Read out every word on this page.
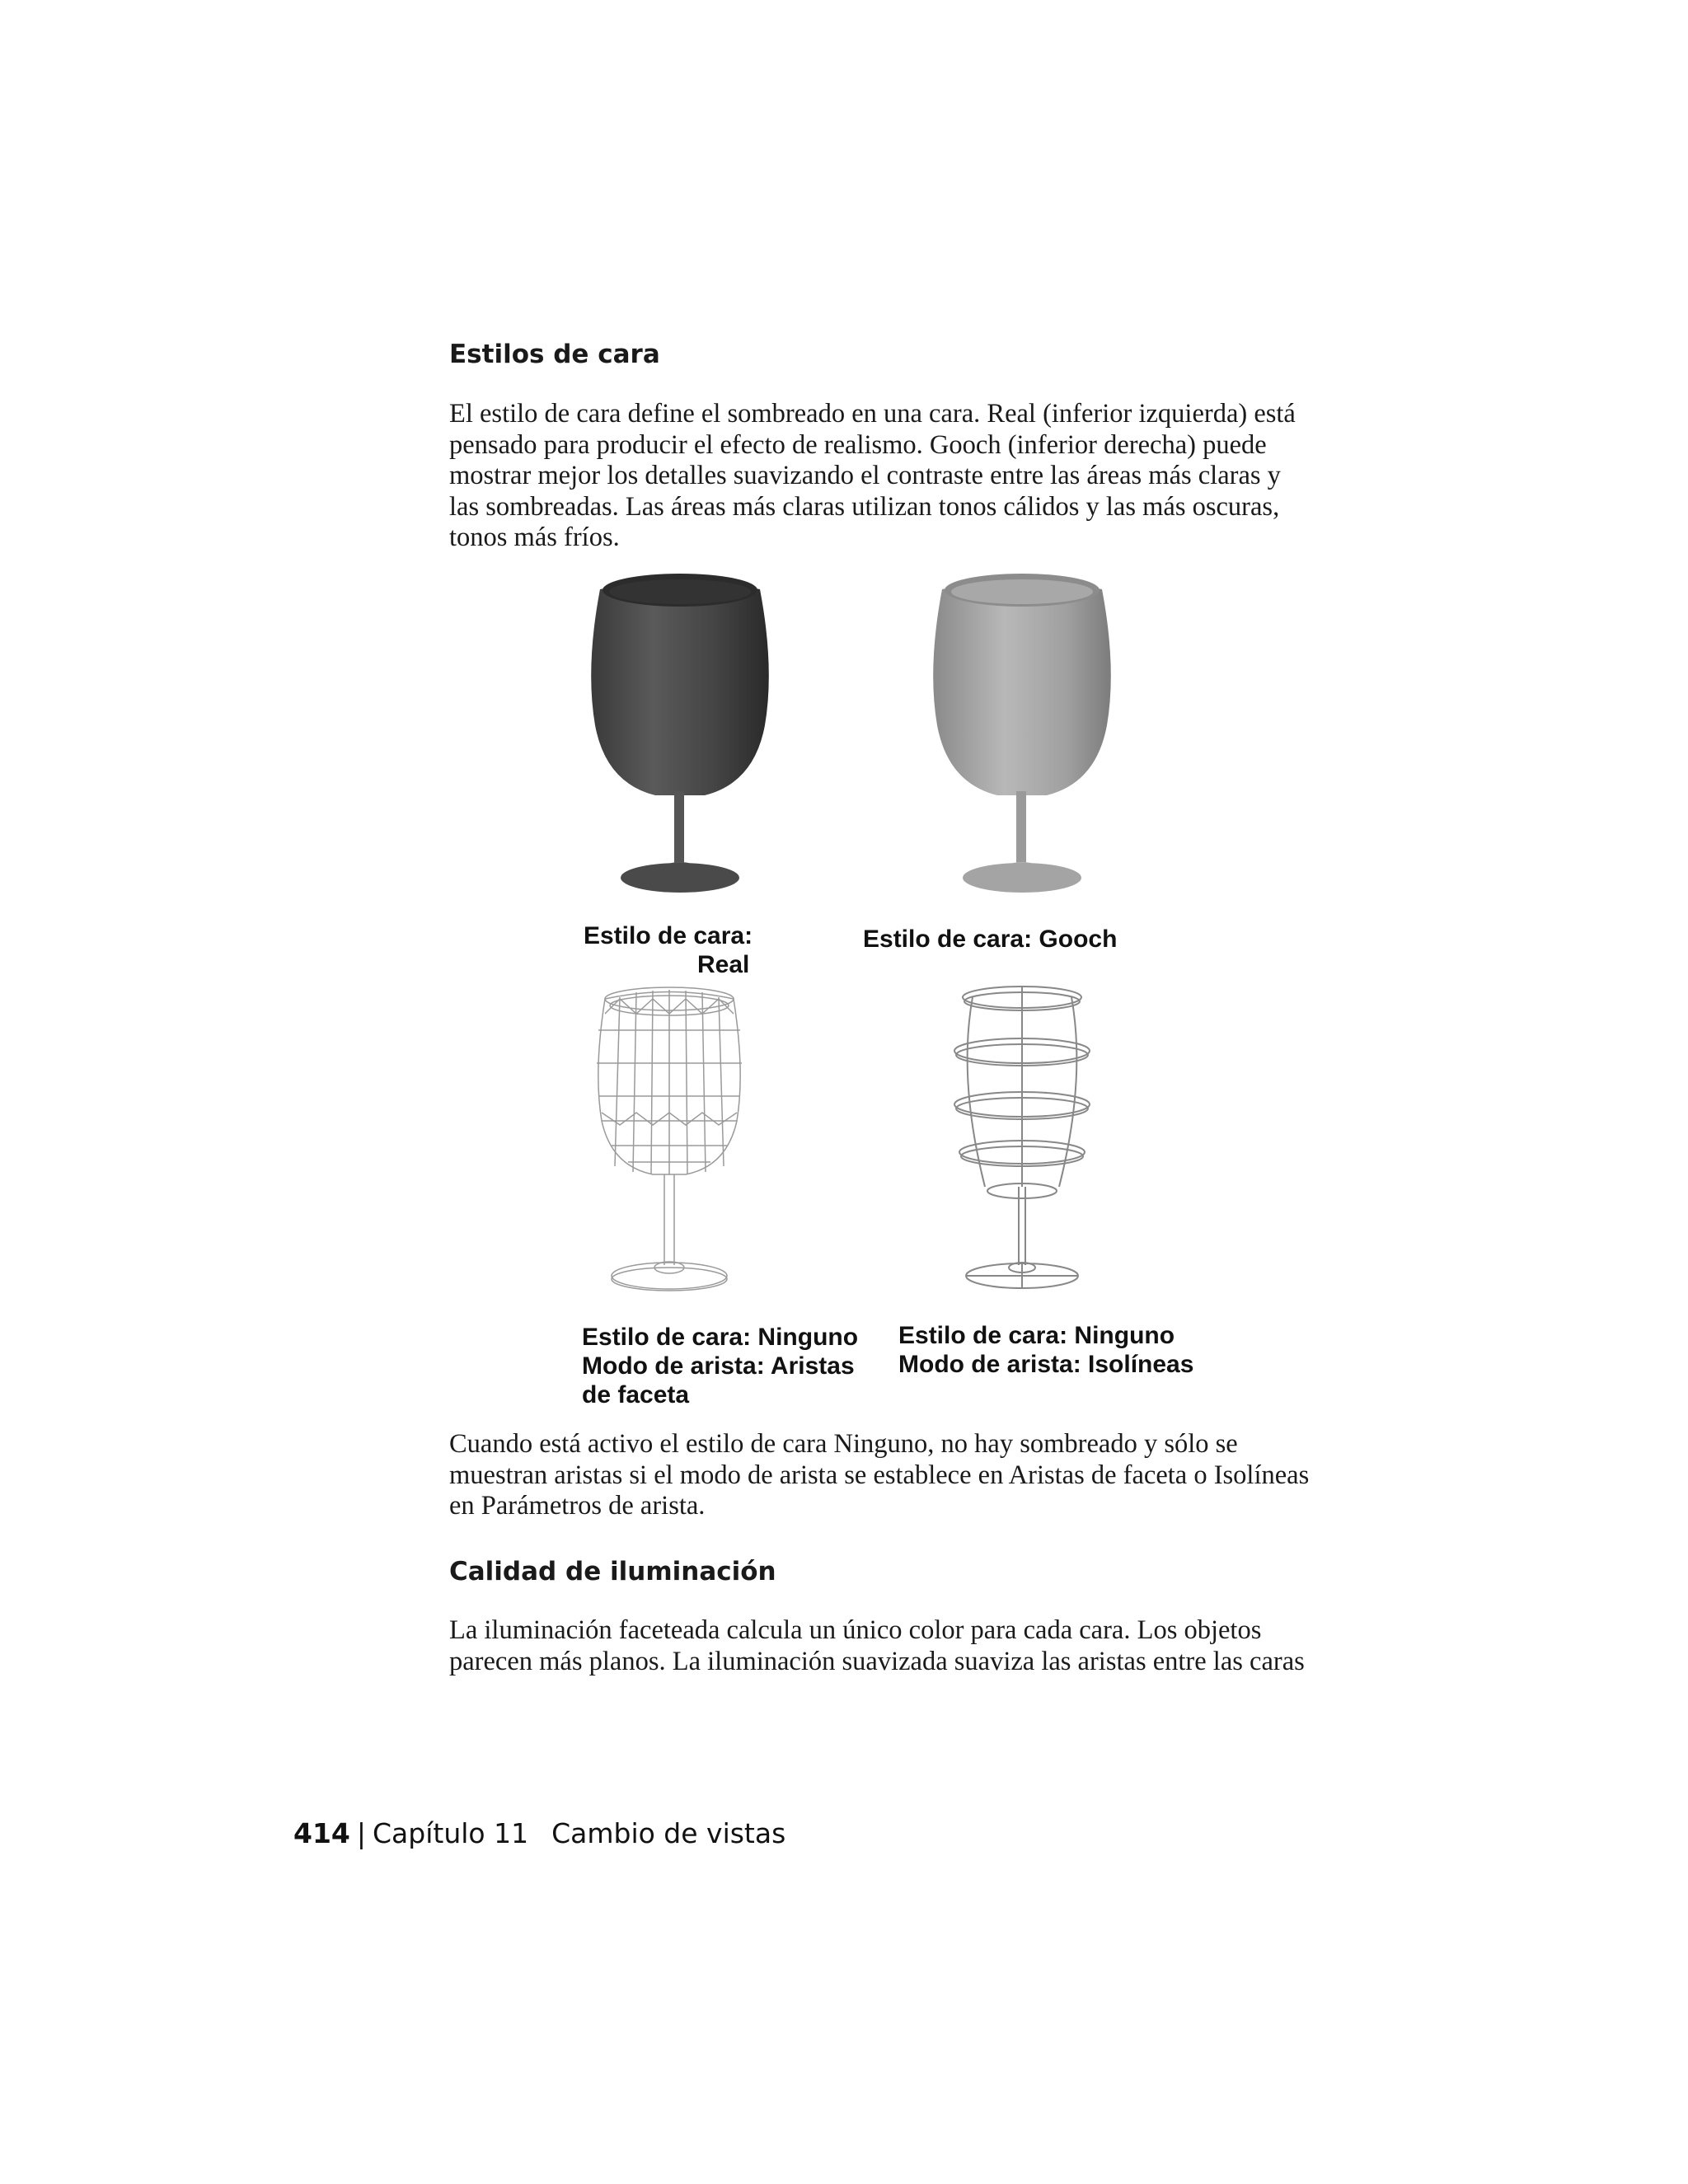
Estilos de cara

El estilo de cara define el sombreado en una cara. Real (inferior izquierda) está

pensado para producir el efecto de realismo. Gooch (inferior derecha) puede

mostrar mejor los detalles suavizando el contraste entre las áreas más claras y

las sombreadas. Las áreas más claras utilizan tonos cálidos y las más oscuras,

tonos más fríos.

Estilo de cara:
Real
Estilo de cara: Gooch
Estilo de cara: Ninguno
Modo de arista: Aristas
de faceta
Estilo de cara: Ninguno
Modo de arista: Isolíneas

Cuando está activo el estilo de cara Ninguno, no hay sombreado y sólo se

muestran aristas si el modo de arista se establece en Aristas de faceta o Isolíneas

en Parámetros de arista.

Calidad de iluminación

La iluminación faceteada calcula un único color para cada cara. Los objetos

parecen más planos. La iluminación suavizada suaviza las aristas entre las caras

414 | Capítulo 11 Cambio de vistas
